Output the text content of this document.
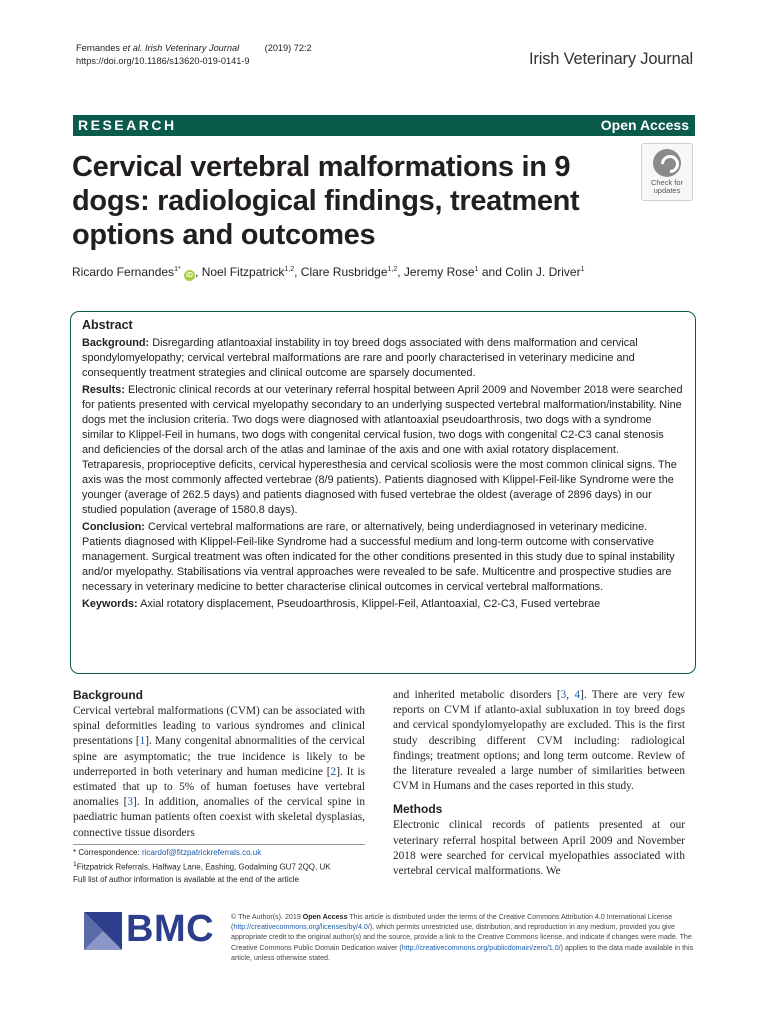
Fernandes et al. Irish Veterinary Journal	(2019) 72:2
https://doi.org/10.1186/s13620-019-0141-9	Irish Veterinary Journal
RESEARCH	Open Access
Cervical vertebral malformations in 9 dogs: radiological findings, treatment options and outcomes
Check for updates
Ricardo Fernandes$^{1*}$ iD , Noel Fitzpatrick$^{1,2}$, Clare Rusbridge$^{1,2}$, Jeremy Rose$^1$ and Colin J. Driver$^1$
Abstract

Background: Disregarding atlantoaxial instability in toy breed dogs associated with dens malformation and cervical spondylomyelopathy; cervical vertebral malformations are rare and poorly characterised in veterinary medicine and consequently treatment strategies and clinical outcome are sparsely documented.

Results: Electronic clinical records at our veterinary referral hospital between April 2009 and November 2018 were searched for patients presented with cervical myelopathy secondary to an underlying suspected vertebral malformation/instability. Nine dogs met the inclusion criteria. Two dogs were diagnosed with atlantoaxial pseudoarthrosis, two dogs with a syndrome similar to Klippel-Feil in humans, two dogs with congenital cervical fusion, two dogs with congenital C2-C3 canal stenosis and deficiencies of the dorsal arch of the atlas and laminae of the axis and one with axial rotatory displacement. Tetraparesis, proprioceptive deficits, cervical hyperesthesia and cervical scoliosis were the most common clinical signs. The axis was the most commonly affected vertebrae (8/9 patients). Patients diagnosed with Klippel-Feil-like Syndrome were the younger (average of 262.5 days) and patients diagnosed with fused vertebrae the oldest (average of 2896 days) in our studied population (average of 1580.8 days).

Conclusion: Cervical vertebral malformations are rare, or alternatively, being underdiagnosed in veterinary medicine. Patients diagnosed with Klippel-Feil-like Syndrome had a successful medium and long-term outcome with conservative management. Surgical treatment was often indicated for the other conditions presented in this study due to spinal instability and/or myelopathy. Stabilisations via ventral approaches were revealed to be safe. Multicentre and prospective studies are necessary in veterinary medicine to better characterise clinical outcomes in cervical vertebral malformations.

Keywords: Axial rotatory displacement, Pseudoarthrosis, Klippel-Feil, Atlantoaxial, C2-C3, Fused vertebrae

Background
Cervical vertebral malformations (CVM) can be associated with spinal deformities leading to various syndromes and clinical presentations [1]. Many congenital abnormalities of the cervical spine are asymptomatic; the true incidence is likely to be underreported in both veterinary and human medicine [2]. It is estimated that up to 5% of human foetuses have vertebral anomalies [3]. In addition, anomalies of the cervical spine in paediatric human patients often coexist with skeletal dysplasias, connective tissue disorders
and inherited metabolic disorders [3, 4]. There are very few reports on CVM if atlanto-axial subluxation in toy breed dogs and cervical spondylomyelopathy are excluded. This is the first study describing different CVM including: radiological findings; treatment options; and long term outcome. Review of the literature revealed a large number of similarities between CVM in Humans and the cases reported in this study.
Methods
Electronic clinical records of patients presented at our veterinary referral hospital between April 2009 and November 2018 were searched for cervical myelopathies associated with vertebral cervical malformations. We
* Correspondence: ricardof@fitzpatrickreferrals.co.uk
$^1$Fitzpatrick Referrals, Halfway Lane, Eashing, Godalming GU7 2QQ, UK
Full list of author information is available at the end of the article
BMC © The Author(s). 2019 Open Access This article is distributed under the terms of the Creative Commons Attribution 4.0 International License (http://creativecommons.org/licenses/by/4.0/), which permits unrestricted use, distribution, and reproduction in any medium, provided you give appropriate credit to the original author(s) and the source, provide a link to the Creative Commons license, and indicate if changes were made. The Creative Commons Public Domain Dedication waiver (http://creativecommons.org/publicdomain/zero/1.0/) applies to the data made available in this article, unless otherwise stated.
